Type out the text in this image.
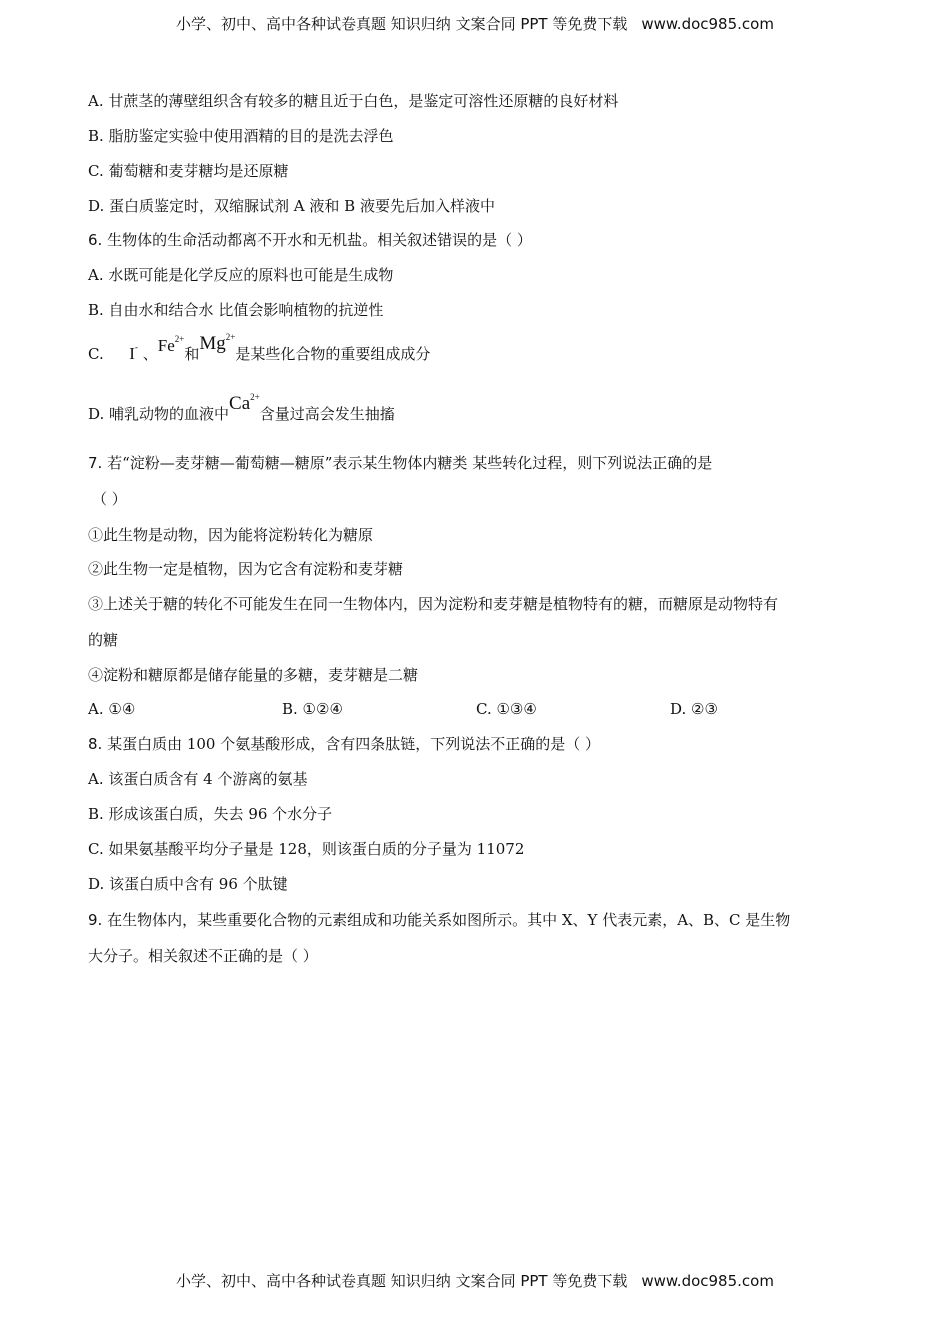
小学、初中、高中各种试卷真题 知识归纳 文案合同 PPT 等免费下载 www.doc985.com
A. 甘蔗茎的薄壁组织含有较多的糖且近于白色，是鉴定可溶性还原糖的良好材料
B. 脂肪鉴定实验中使用酒精的目的是洗去浮色
C. 葡萄糖和麦芽糖均是还原糖
D. 蛋白质鉴定时，双缩脲试剂 A 液和 B 液要先后加入样液中
6. 生物体的生命活动都离不开水和无机盐。相关叙述错误的是（ ）
A. 水既可能是化学反应的原料也可能是生成物
B. 自由水和结合水 比值会影响植物的抗逆性
C. I- 、$Fe^{2+}$和$Mg^{2+}$是某些化合物的重要组成成分
D. 哺乳动物的血液中$Ca^{2+}$含量过高会发生抽搐
7. 若“淀粉—麦芽糖—葡萄糖—糖原”表示某生物体内糖类 某些转化过程，则下列说法正确的是
（ ）
①此生物是动物，因为能将淀粉转化为糖原
②此生物一定是植物，因为它含有淀粉和麦芽糖
③上述关于糖的转化不可能发生在同一生物体内，因为淀粉和麦芽糖是植物特有的糖，而糖原是动物特有
的糖
④淀粉和糖原都是储存能量的多糖，麦芽糖是二糖
A. ①④	B. ①②④	C. ①③④	D. ②③
8. 某蛋白质由 100 个氨基酸形成，含有四条肽链，下列说法不正确的是（ ）
A. 该蛋白质含有 4 个游离的氨基
B. 形成该蛋白质，失去 96 个水分子
C. 如果氨基酸平均分子量是 128，则该蛋白质的分子量为 11072
D. 该蛋白质中含有 96 个肽键
9. 在生物体内，某些重要化合物的元素组成和功能关系如图所示。其中 X、Y 代表元素，A、B、C 是生物
大分子。相关叙述不正确的是（ ）
小学、初中、高中各种试卷真题 知识归纳 文案合同 PPT 等免费下载 www.doc985.com
